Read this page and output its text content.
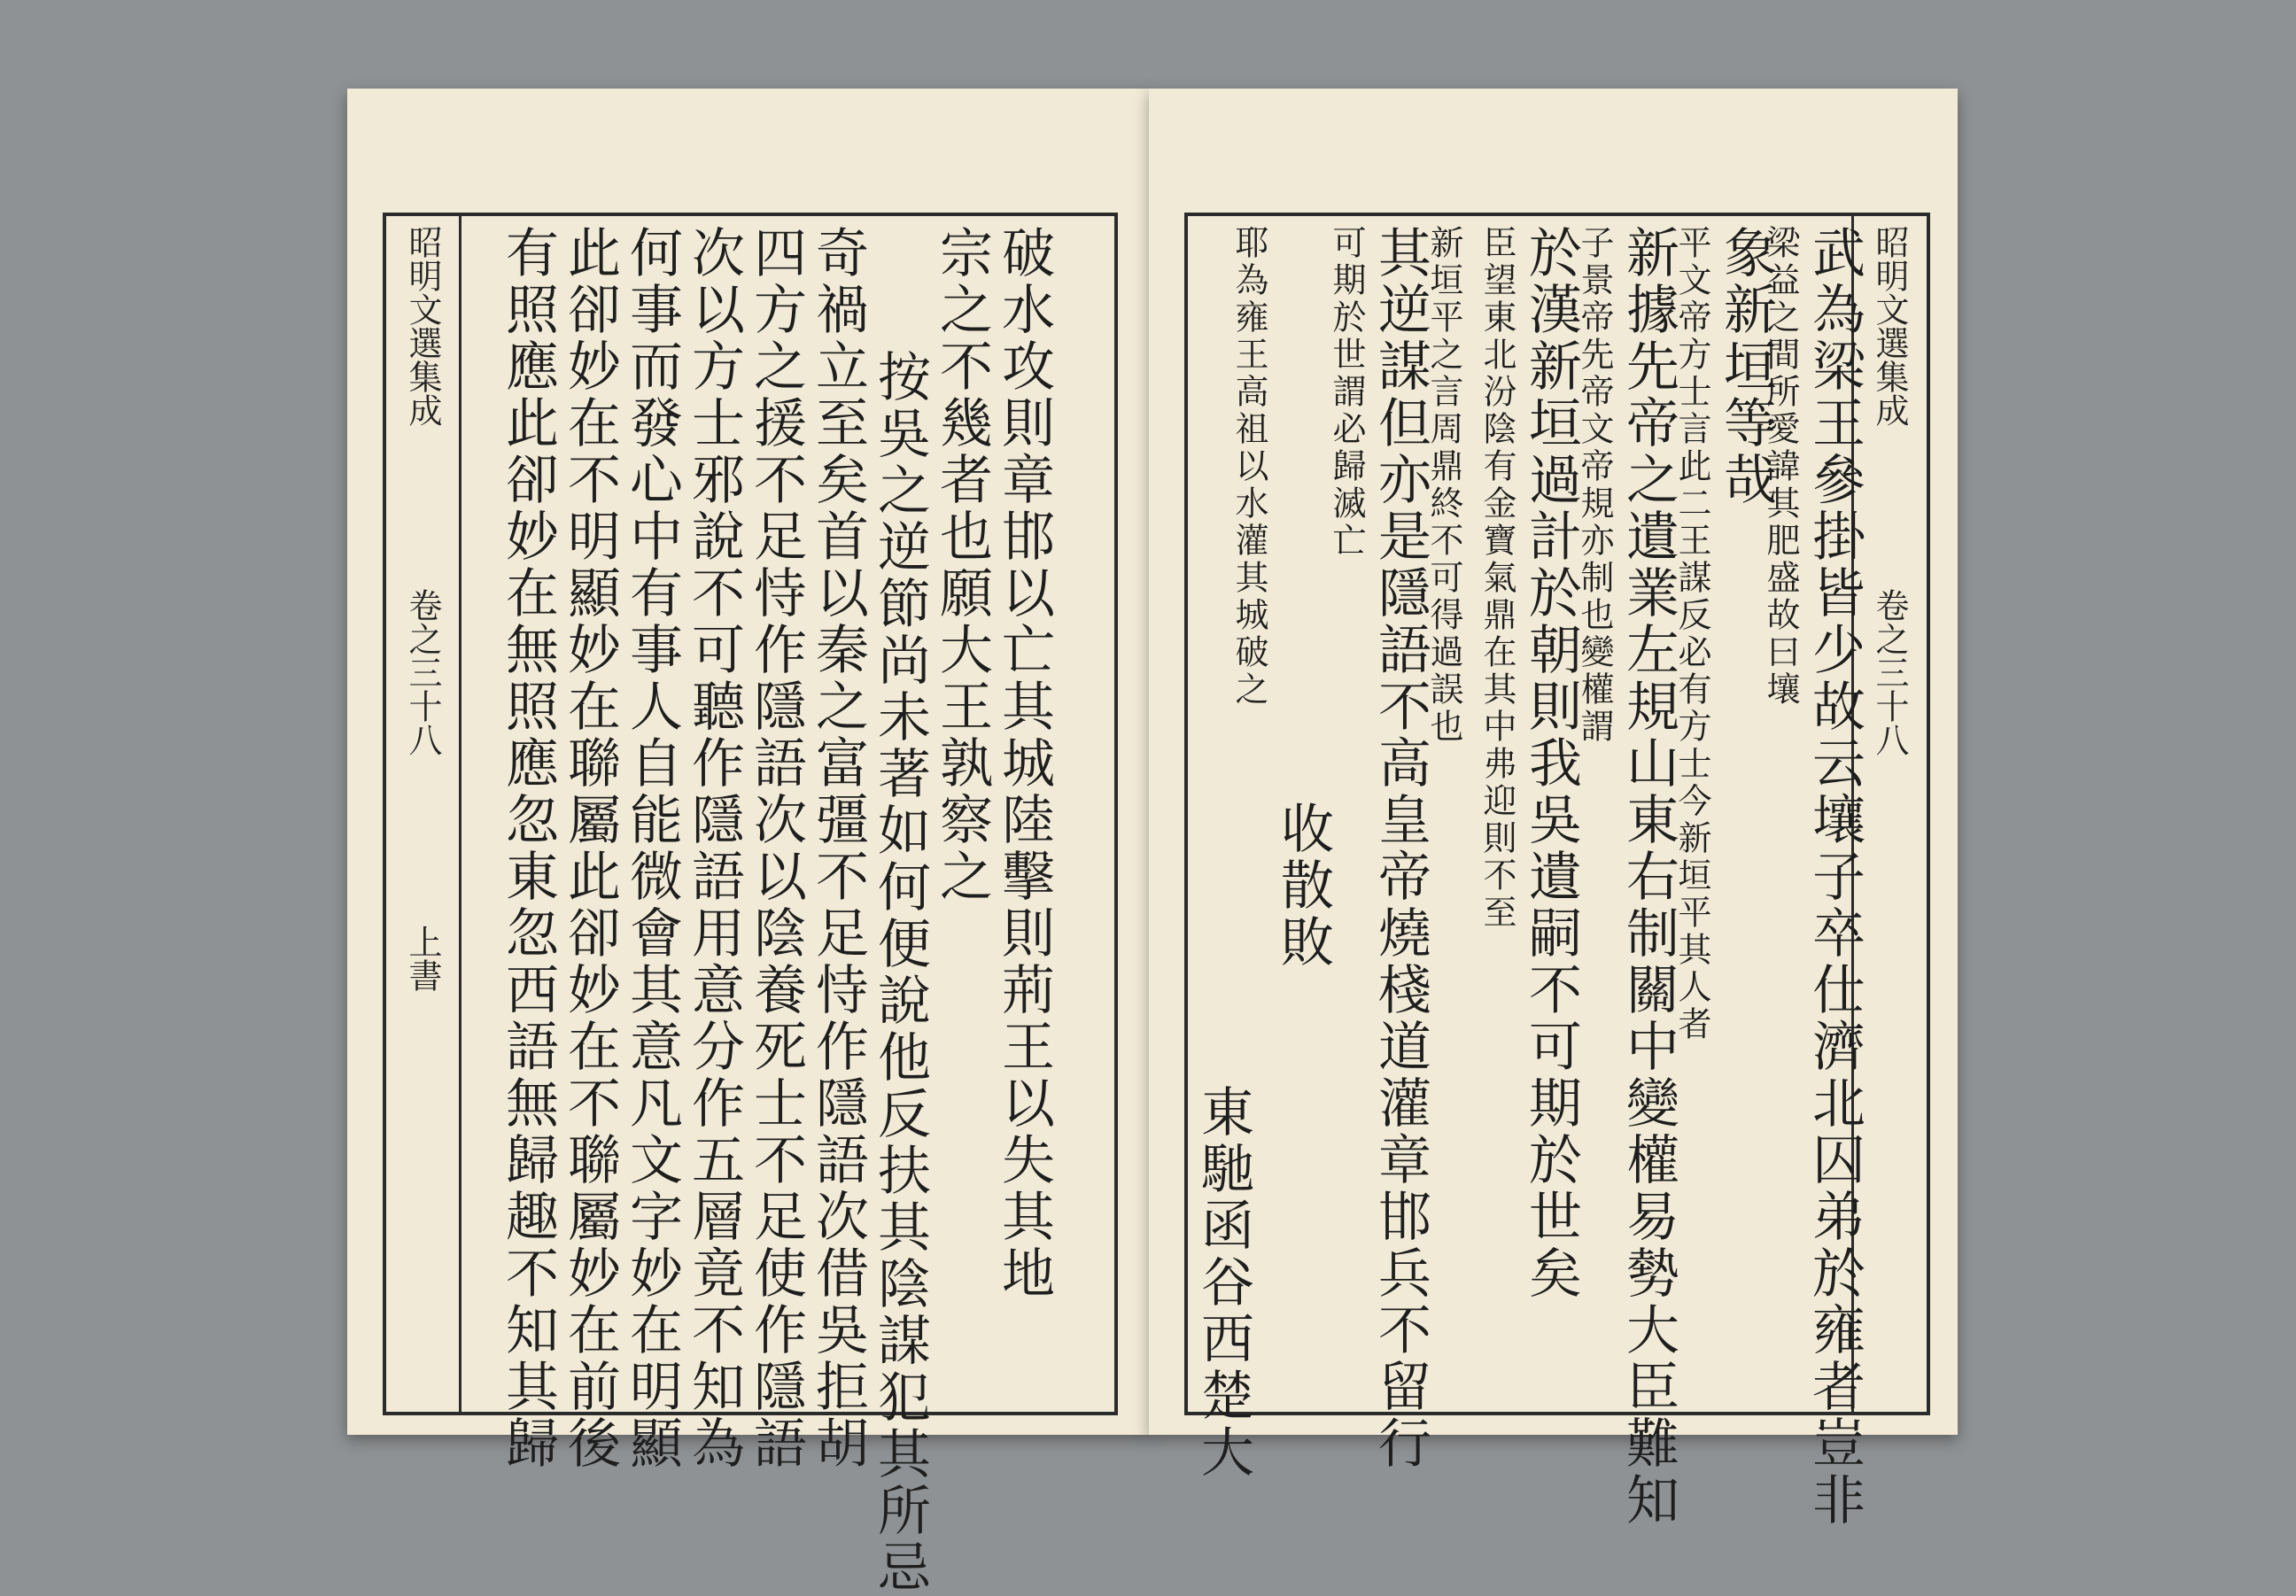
昭明文選集成
卷之三十八
上書	破水攻則章邯以亡其城陸擊則荊王以失其地
宗之不幾者也願大王孰察之
按吳之逆節尚未著如何便說他反扶其陰謀犯其所忌
奇禍立至矣首以秦之富彊不足恃作隱語次借吳拒胡
四方之援不足恃作隱語次以陰養死士不足使作隱語
次以方士邪說不可聽作隱語用意分作五層竟不知為
何事而發心中有事人自能微會其意凡文字妙在明顯
此卻妙在不明顯妙在聯屬此卻妙在不聯屬妙在前後
有照應此卻妙在無照應忽東忽西語無歸趣不知其歸	昭明文選集成
卷之三十八
武為梁王參掛皆少故云壤子卒仕濟北囚弟於雍者豈非
梁益之間所愛諱其肥盛故曰壤
象新垣等哉
平文帝方士言此二王謀反必有方士今新垣平其人者
新據先帝之遺業左規山東右制關中變權易勢大臣難知
子景帝先帝文帝規亦制也變權謂
於漢新垣過計於朝則我吳遺嗣不可期於世矣
臣望東北汾陰有金寶氣鼎在其中弗迎則不至
新垣平之言周鼎終不可得過誤也
其逆謀但亦是隱語不高皇帝燒棧道灌章邯兵不留行
可期於世謂必歸滅亡
收散敗
耶為雍王高祖以水灌其城破之
東馳函谷西楚大
